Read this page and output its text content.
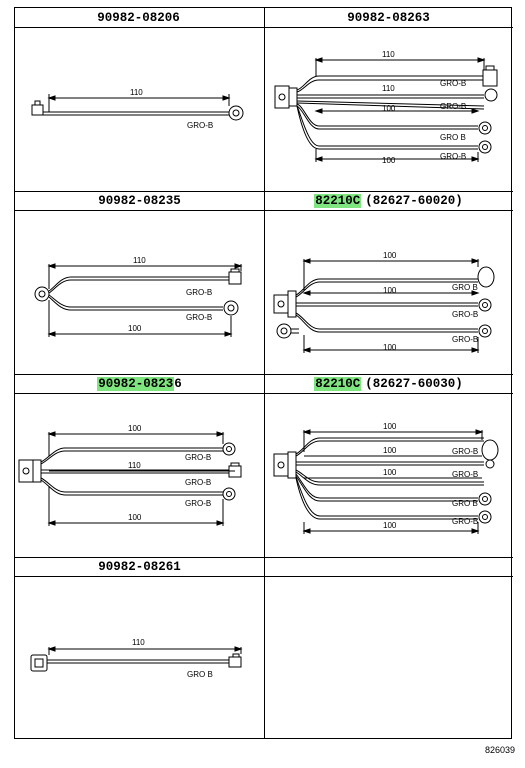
90982-08206	90982-08263
110
GRO-B
110
110
100
100
GRO-B
GRO-B
GRO B
GRO-B
90982-08235	82210C (82627-60020)
110
100
GRO-B
GRO-B
100
100
100
GRO B
GRO-B
GRO-B
90982-0823 6	82210C (82627-60030)
100
110
100
GRO-B
GRO-B
GRO-B
100
100
100
100
GRO-B
GRO-B
GRO B
GRO-B
90982-08261
110
GRO B
826039
